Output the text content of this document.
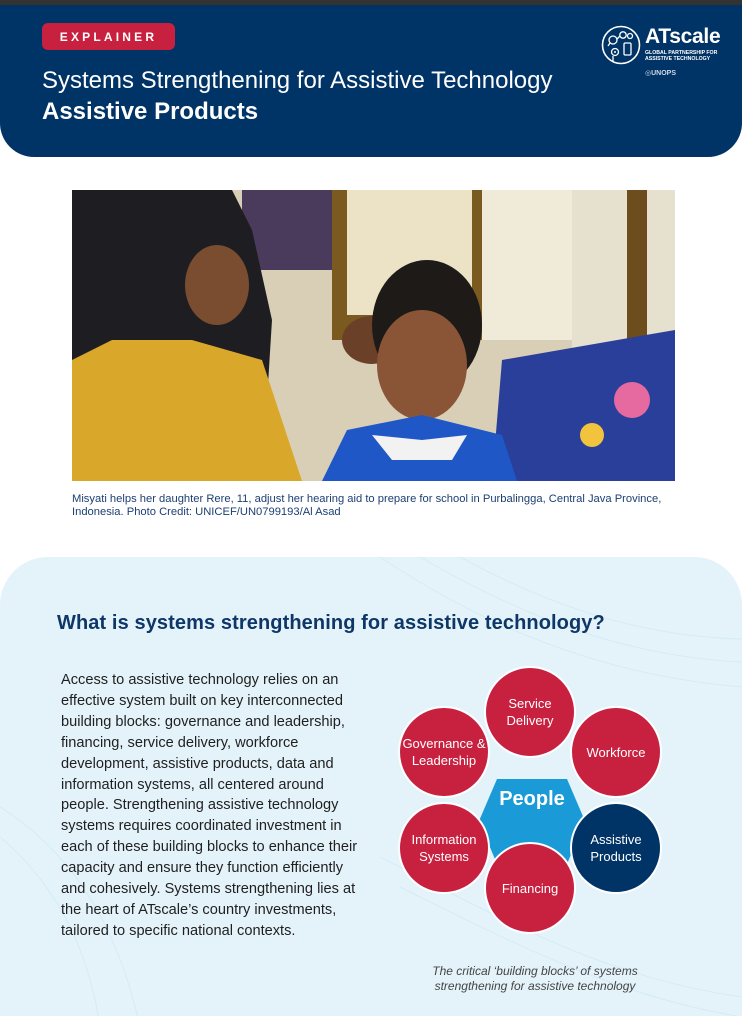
EXPLAINER
Systems Strengthening for Assistive Technology
Assistive Products
ATscale
GLOBAL PARTNERSHIP FOR ASSISTIVE TECHNOLOGY
◎UNOPS

Misyati helps her daughter Rere, 11, adjust her hearing aid to prepare for school in Purbalingga, Central Java Province, Indonesia. Photo Credit: UNICEF/UN0799193/Al Asad

What is systems strengthening for assistive technology?

Access to assistive technology relies on an effective system built on key interconnected building blocks: governance and leadership, financing, service delivery, workforce development, assistive products, data and information systems, all centered around people. Strengthening assistive technology systems requires coordinated investment in each of these building blocks to enhance their capacity and ensure they function efficiently and cohesively. Systems strengthening lies at the heart of ATscale’s country investments, tailored to specific national contexts.

People
Service Delivery
Workforce
Assistive Products
Financing
Information Systems
Governance & Leadership

The critical ‘building blocks’ of systems strengthening for assistive technology
